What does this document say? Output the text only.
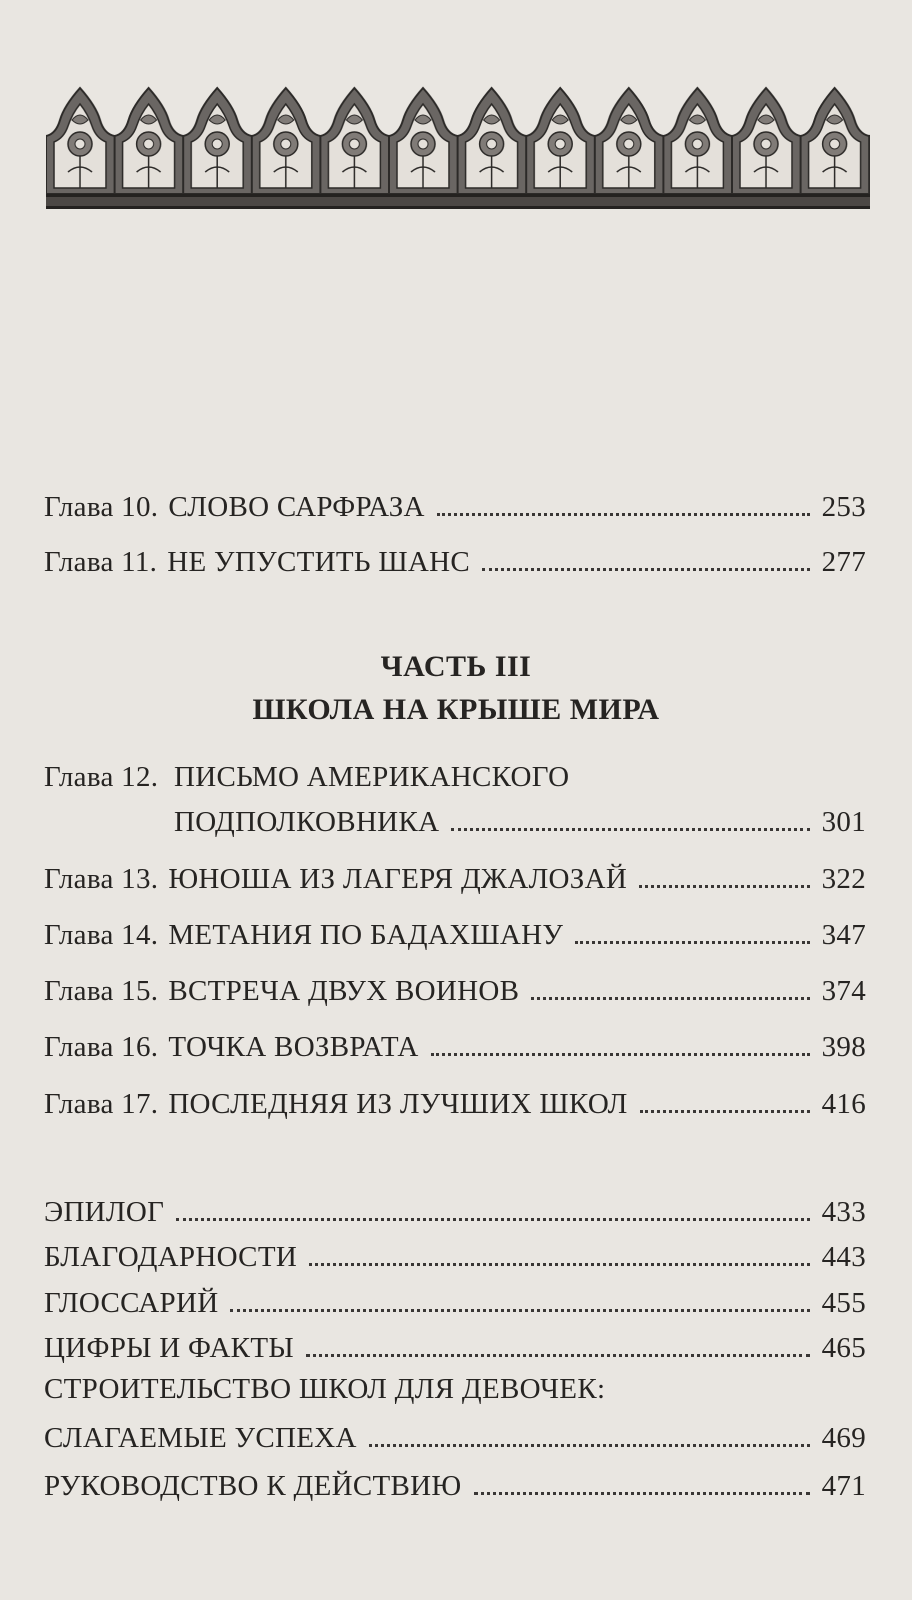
Глава 10. СЛОВО САРФРАЗА	253
Глава 11. НЕ УПУСТИТЬ ШАНС	277
ЧАСТЬ III
ШКОЛА НА КРЫШЕ МИРА
Глава 12. ПИСЬМО АМЕРИКАНСКОГО
ПОДПОЛКОВНИКА	301
Глава 13. ЮНОША ИЗ ЛАГЕРЯ ДЖАЛОЗАЙ	322
Глава 14. МЕТАНИЯ ПО БАДАХШАНУ	347
Глава 15. ВСТРЕЧА ДВУХ ВОИНОВ	374
Глава 16. ТОЧКА ВОЗВРАТА	398
Глава 17. ПОСЛЕДНЯЯ ИЗ ЛУЧШИХ ШКОЛ	416
ЭПИЛОГ	433
БЛАГОДАРНОСТИ	443
ГЛОССАРИЙ	455
ЦИФРЫ И ФАКТЫ	465
СТРОИТЕЛЬСТВО ШКОЛ ДЛЯ ДЕВОЧЕК:
СЛАГАЕМЫЕ УСПЕХА	469
РУКОВОДСТВО К ДЕЙСТВИЮ	471
